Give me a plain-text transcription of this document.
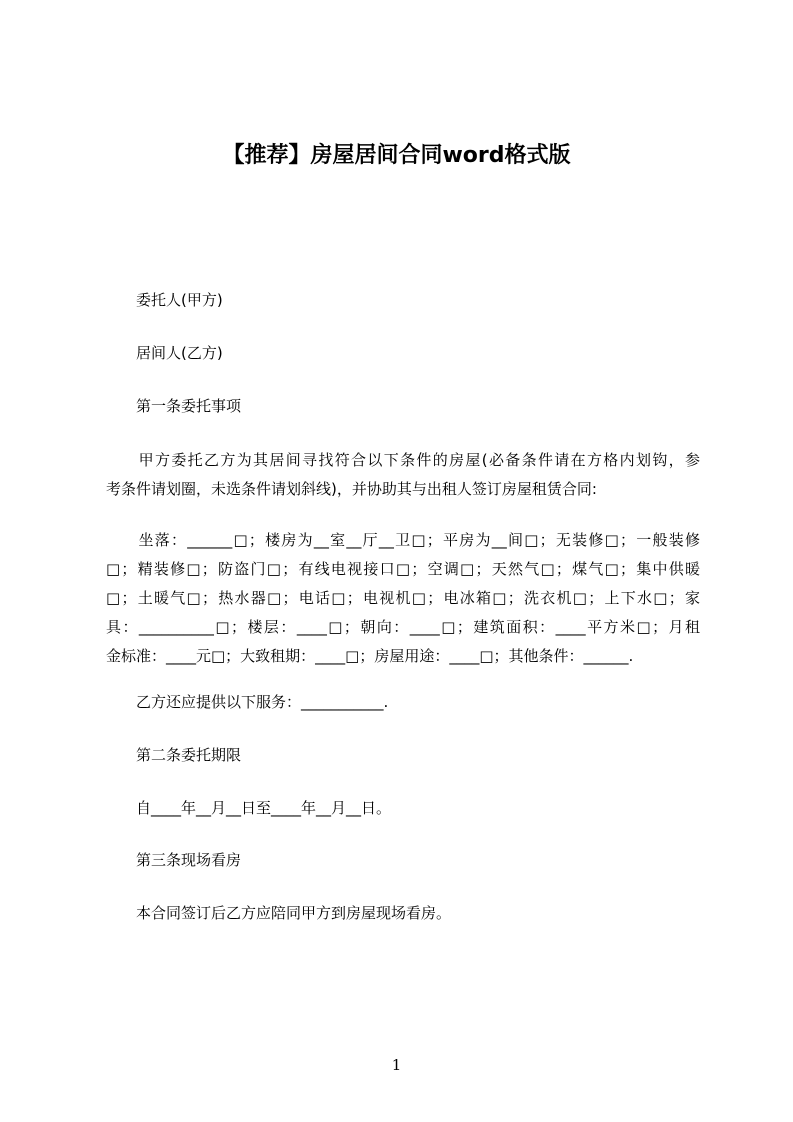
【推荐】房屋居间合同word格式版
委托人(甲方)
居间人(乙方)
第一条委托事项
　　甲方委托乙方为其居间寻找符合以下条件的房屋(必备条件请在方格内划钩，参
考条件请划圈，未选条件请划斜线)，并协助其与出租人签订房屋租赁合同:
　　坐落：______□；楼房为__室__厅__卫□；平房为__间□；无装修□；一般装修
□；精装修□；防盗门□；有线电视接口□；空调□；天然气□；煤气□；集中供暖
□；土暖气□；热水器□；电话□；电视机□；电冰箱□；洗衣机□；上下水□；家
具：__________□；楼层：____□；朝向：____□；建筑面积：____平方米□；月租
金标准：____元□；大致租期：____□；房屋用途：____□；其他条件：______.
乙方还应提供以下服务：___________.
第二条委托期限
自____年__月__日至____年__月__日。
第三条现场看房
本合同签订后乙方应陪同甲方到房屋现场看房。
1
